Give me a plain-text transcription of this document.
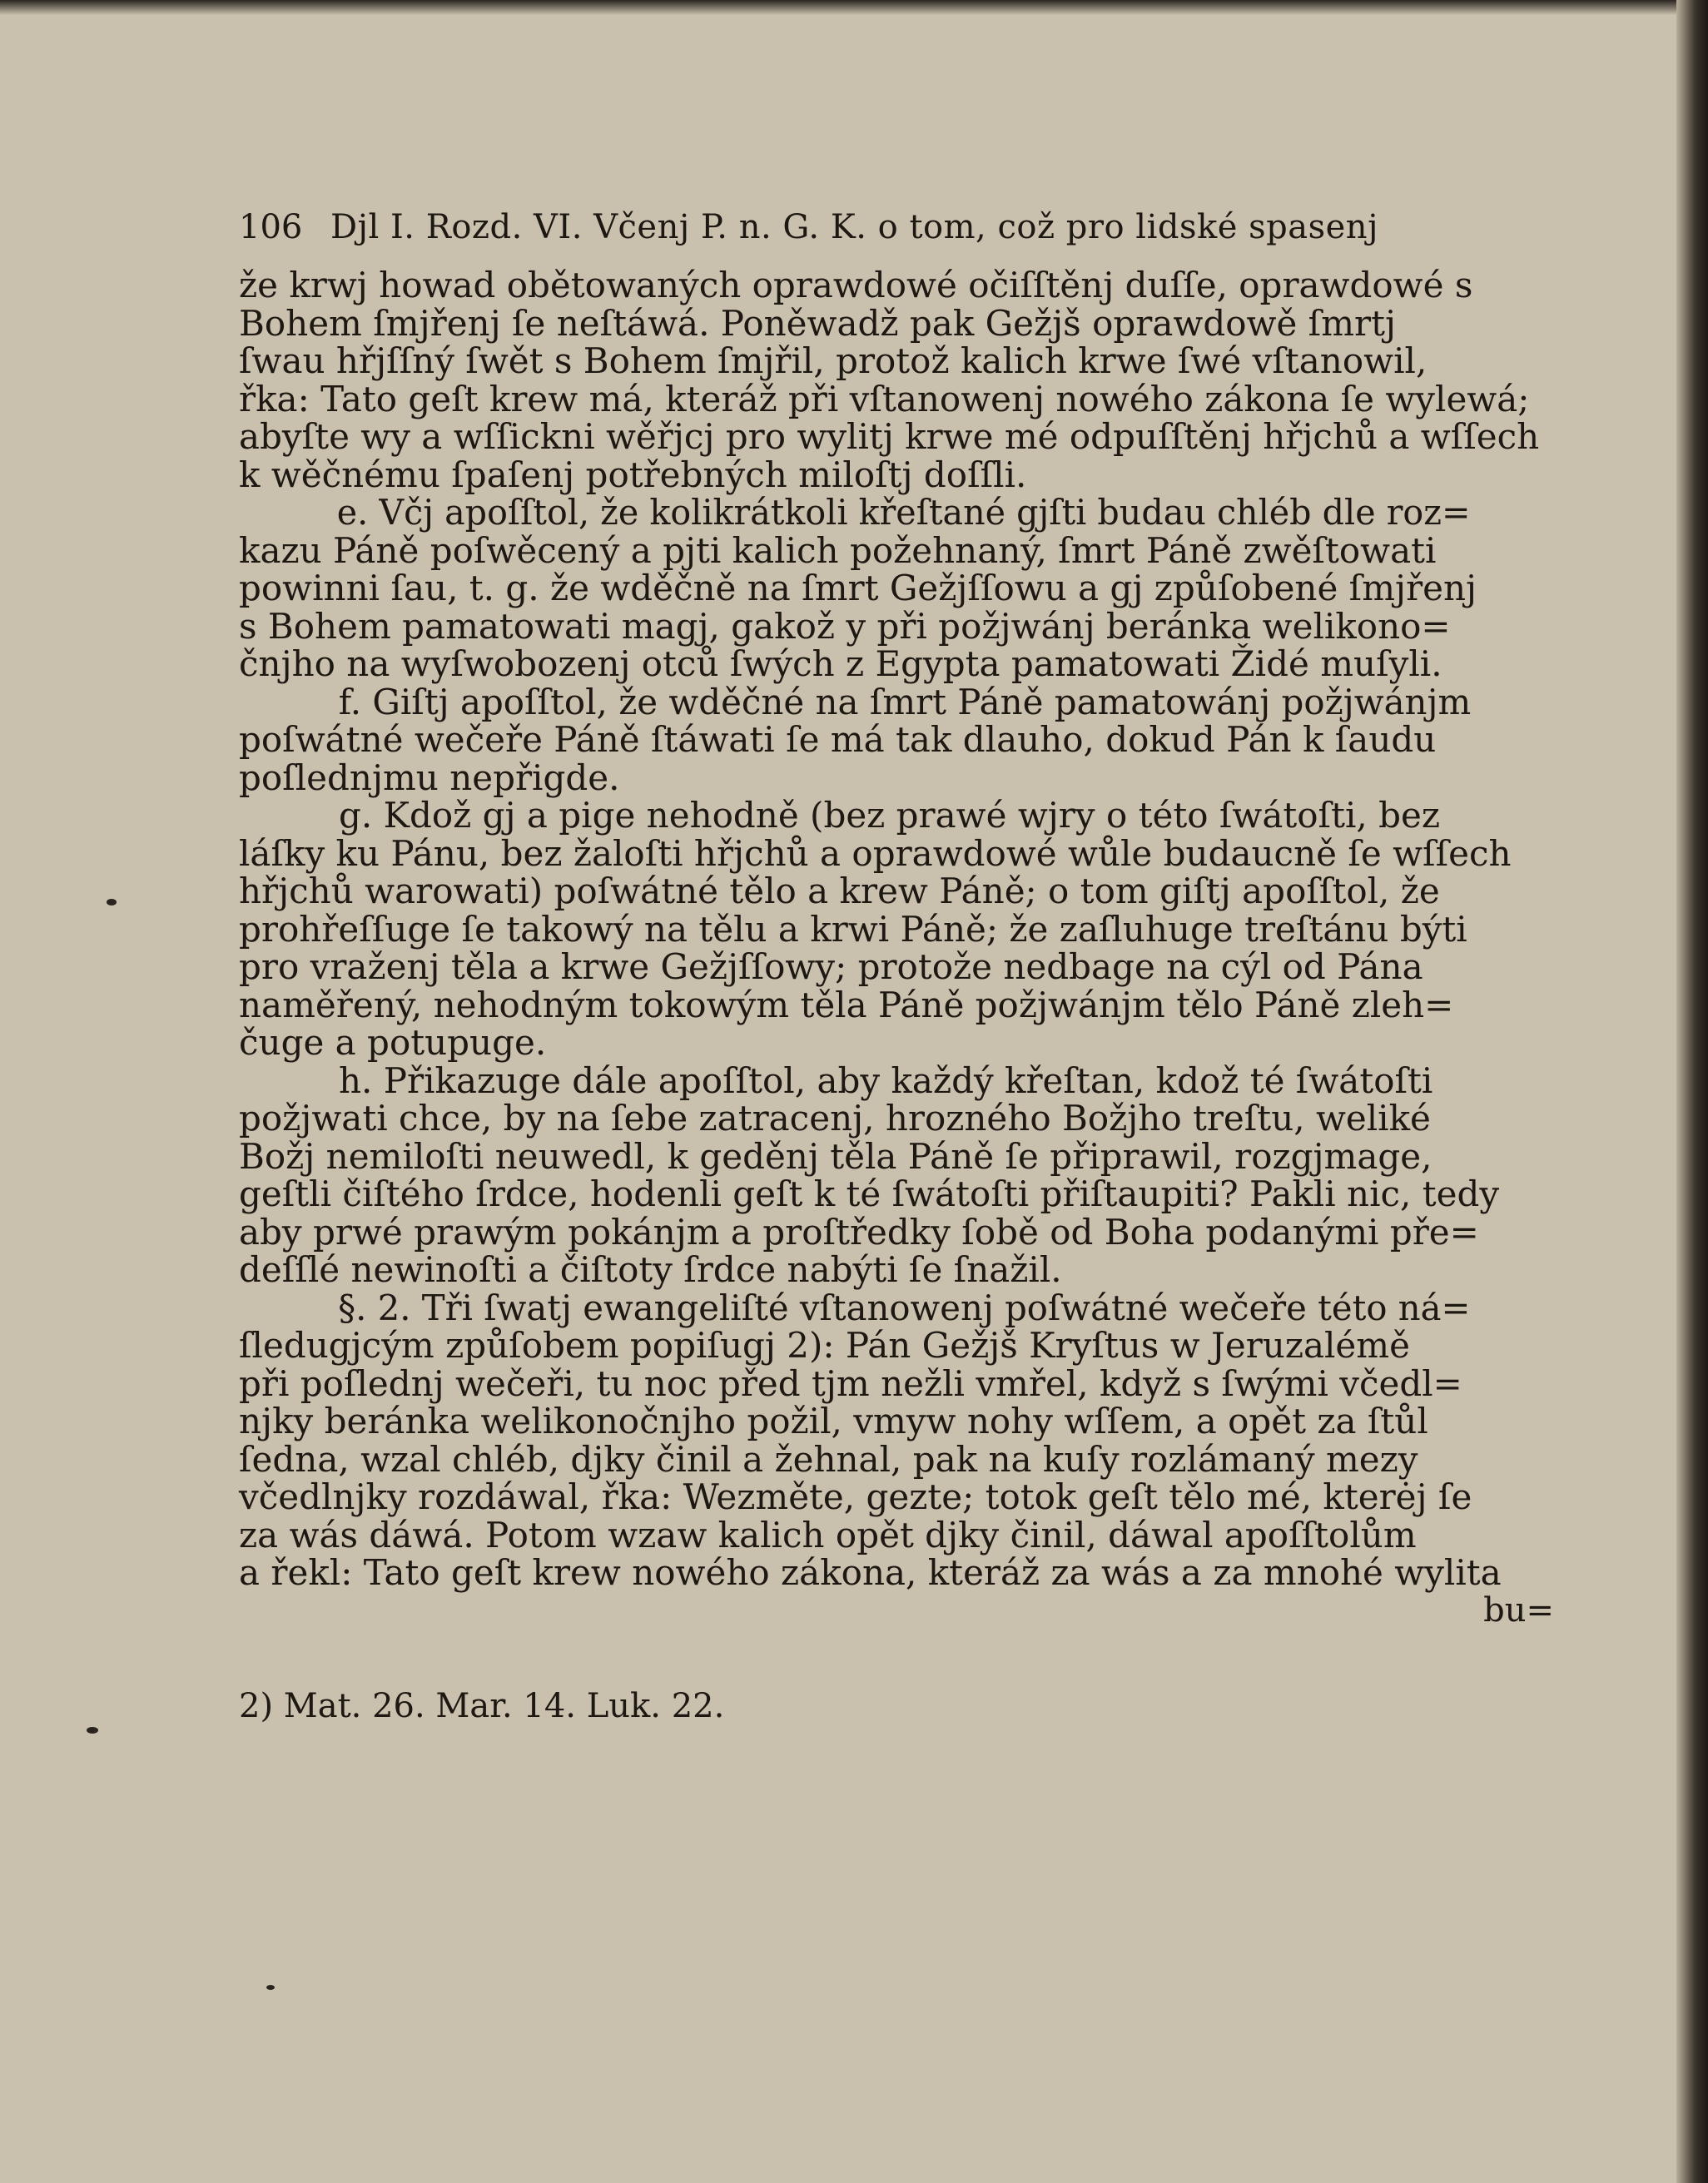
106 Djl I. Rozd. VI. Včenj P. n. G. K. o tom, což pro lidské spasenj
že krwj howad obětowaných oprawdowé očiſſtěnj duſſe, oprawdowé s
Bohem ſmjřenj ſe neſtáwá. Poněwadž pak Gežjš oprawdowě ſmrtj
ſwau hřjſſný ſwět s Bohem ſmjřil, protož kalich krwe ſwé vſtanowil,
řka: Tato geſt krew má, kteráž při vſtanowenj nowého zákona ſe wylewá;
abyſte wy a wſſickni wěřjcj pro wylitj krwe mé odpuſſtěnj hřjchů a wſſech
k wěčnému ſpaſenj potřebných miloſtj doſſli.
e. Včj apoſſtol, že kolikrátkoli křeſtané gjſti budau chléb dle roz=
kazu Páně poſwěcený a pjti kalich požehnaný, ſmrt Páně zwěſtowati
powinni ſau, t. g. že wděčně na ſmrt Gežjſſowu a gj způſobené ſmjřenj
s Bohem pamatowati magj, gakož y při požjwánj beránka welikono=
čnjho na wyſwobozenj otců ſwých z Egypta pamatowati Židé muſyli.
f. Giſtj apoſſtol, že wděčné na ſmrt Páně pamatowánj požjwánjm
poſwátné wečeře Páně ſtáwati ſe má tak dlauho, dokud Pán k ſaudu
poſlednjmu nepřigde.
g. Kdož gj a pige nehodně (bez prawé wjry o této ſwátoſti, bez
láſky ku Pánu, bez žaloſti hřjchů a oprawdowé wůle budaucně ſe wſſech
hřjchů warowati) poſwátné tělo a krew Páně; o tom giſtj apoſſtol, že
prohřeſſuge ſe takowý na tělu a krwi Páně; že zaſluhuge treſtánu býti
pro vraženj těla a krwe Gežjſſowy; protože nedbage na cýl od Pána
naměřený, nehodným tokowým těla Páně požjwánjm tělo Páně zleh=
čuge a potupuge.
h. Přikazuge dále apoſſtol, aby každý křeſtan, kdož té ſwátoſti
požjwati chce, by na ſebe zatracenj, hrozného Božjho treſtu, weliké
Božj nemiloſti neuwedl, k geděnj těla Páně ſe připrawil, rozgjmage,
geſtli čiſtého ſrdce, hodenli geſt k té ſwátoſti přiſtaupiti? Pakli nic, tedy
aby prwé prawým pokánjm a proſtředky ſobě od Boha podanými pře=
deſſlé newinoſti a čiſtoty ſrdce nabýti ſe ſnažil.
§. 2. Tři ſwatj ewangeliſté vſtanowenj poſwátné wečeře této ná=
ſledugjcým způſobem popiſugj 2): Pán Gežjš Kryſtus w Jeruzalémě
při poſlednj wečeři, tu noc před tjm nežli vmřel, když s ſwými včedl=
njky beránka welikonočnjho požil, vmyw nohy wſſem, a opět za ſtůl
ſedna, wzal chléb, djky činil a žehnal, pak na kuſy rozlámaný mezy
včedlnjky rozdáwal, řka: Wezměte, gezte; totok geſt tělo mé, kterėj ſe
za wás dáwá. Potom wzaw kalich opět djky činil, dáwal apoſſtolům
a řekl: Tato geſt krew nowého zákona, kteráž za wás a za mnohé wylita
bu=
2) Mat. 26. Mar. 14. Luk. 22.
